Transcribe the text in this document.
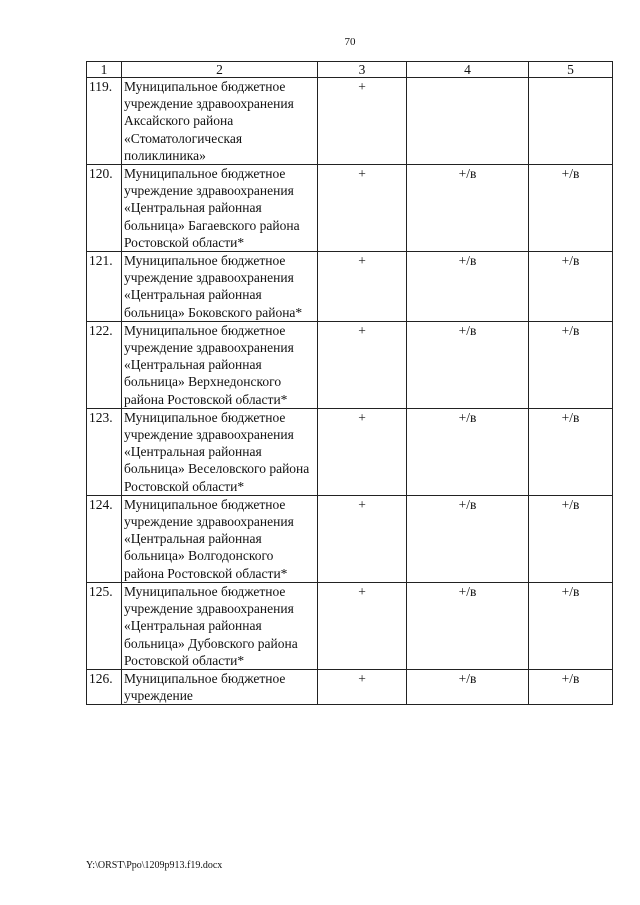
70
1	2	3	4	5
119.	Муниципальное бюджетное учреждение здравоохранения Аксайского района «Стоматологическая поликлиника»	+		
120.	Муниципальное бюджетное учреждение здравоохранения «Центральная районная больница» Багаевского района Ростовской области*	+	+/в	+/в
121.	Муниципальное бюджетное учреждение здравоохранения «Центральная районная больница» Боковского района*	+	+/в	+/в
122.	Муниципальное бюджетное учреждение здравоохранения «Центральная районная больница» Верхнедонского района Ростовской области*	+	+/в	+/в
123.	Муниципальное бюджетное учреждение здравоохранения «Центральная районная больница» Веселовского района Ростовской области*	+	+/в	+/в
124.	Муниципальное бюджетное учреждение здравоохранения «Центральная районная больница» Волгодонского района Ростовской области*	+	+/в	+/в
125.	Муниципальное бюджетное учреждение здравоохранения «Центральная районная больница» Дубовского района Ростовской области*	+	+/в	+/в
126.	Муниципальное бюджетное учреждение	+	+/в	+/в
Y:\ORST\Ppo\1209p913.f19.docx
